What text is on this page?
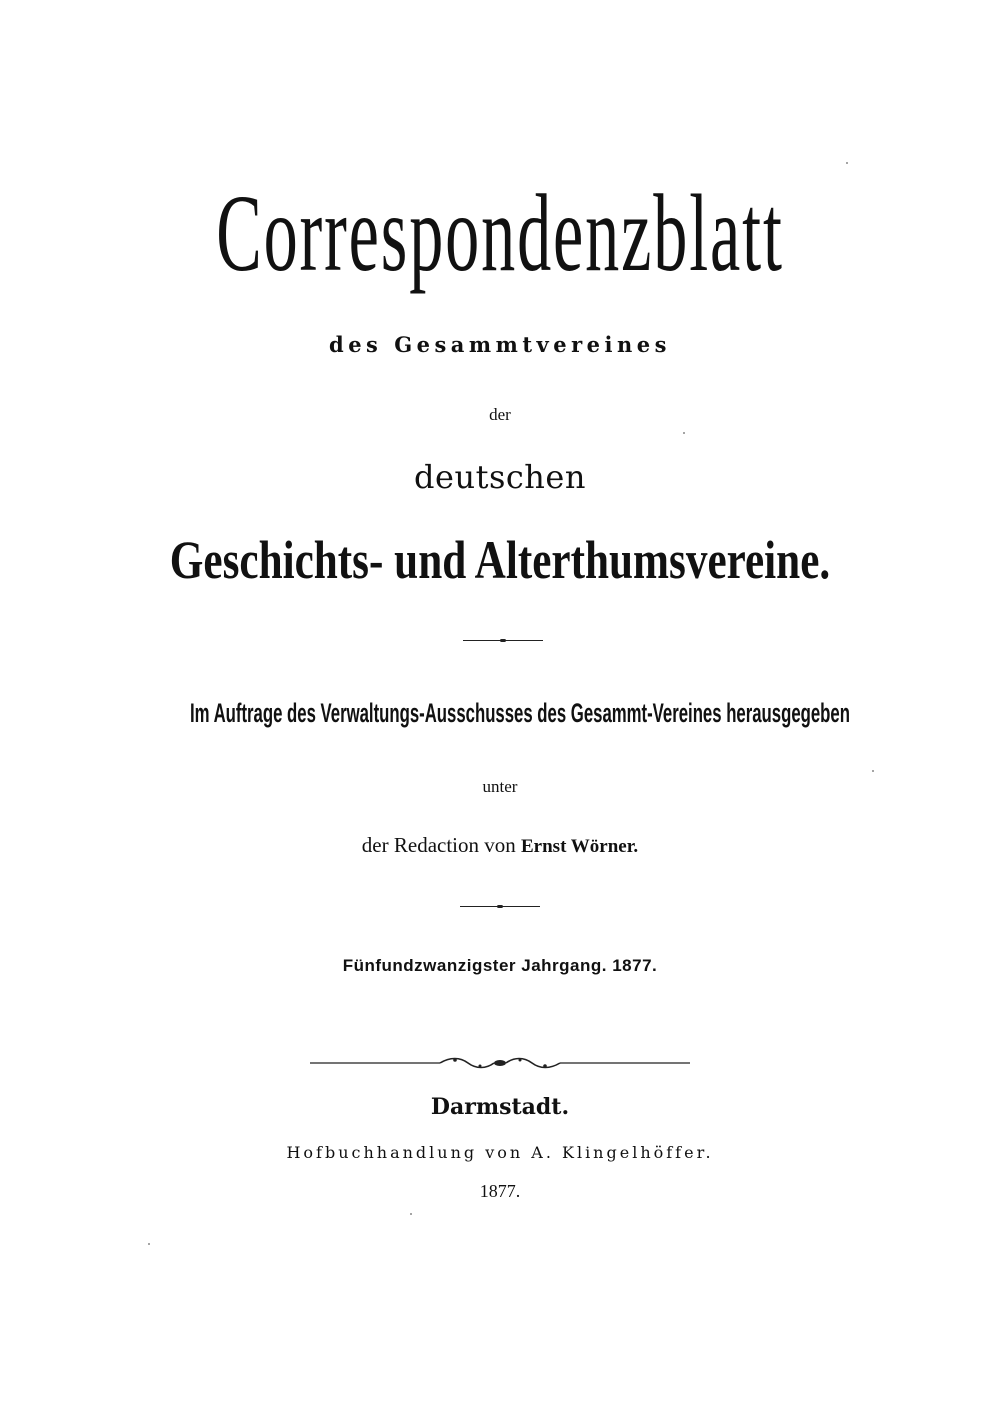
Correspondenzblatt
des Gesammtvereines
der
deutschen
Geschichts- und Alterthumsvereine.
Im Auftrage des Verwaltungs-Ausschusses des Gesammt-Vereines herausgegeben
unter
der Redaction von Ernst Wörner.
Fünfundzwanzigster Jahrgang. 1877.
Darmstadt.
Hofbuchhandlung von A. Klingelhöffer.
1877.
